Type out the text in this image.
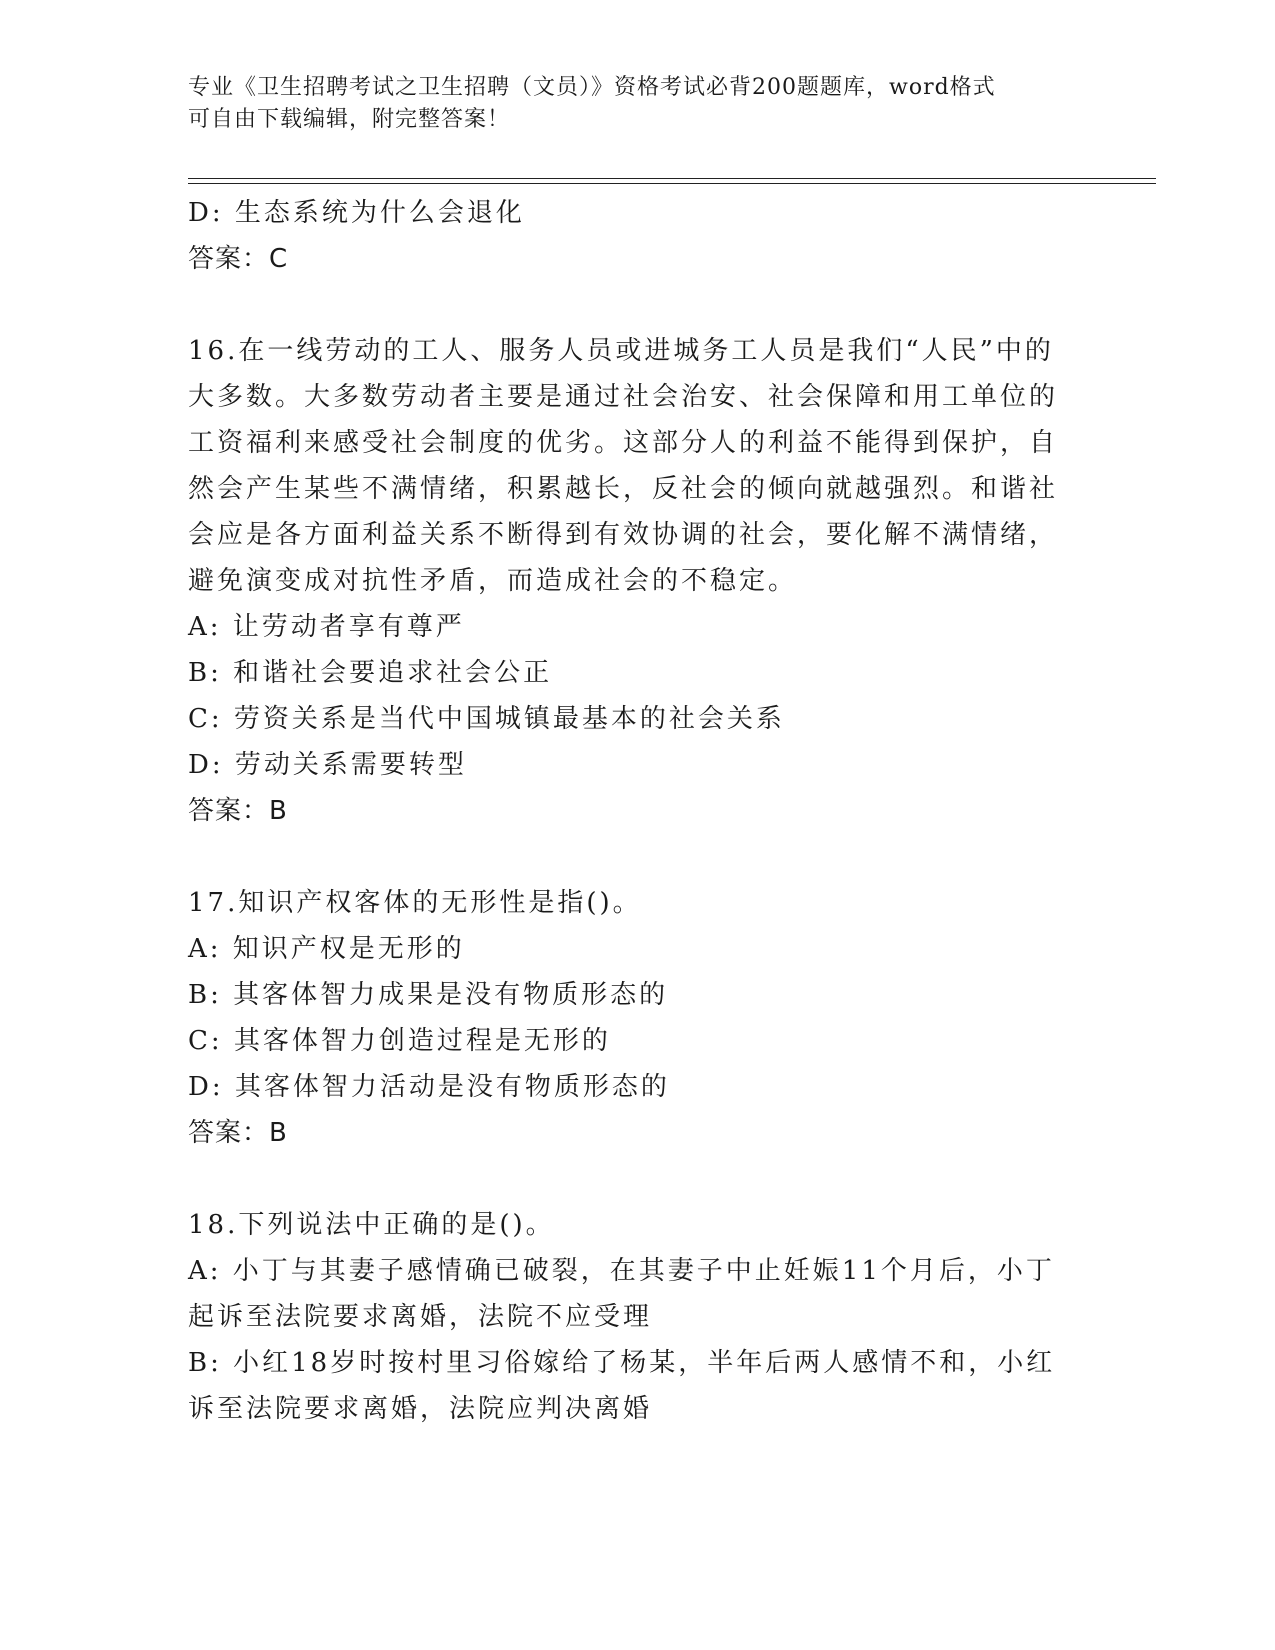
专业《卫生招聘考试之卫生招聘（文员）》资格考试必背200题题库，word格式
可自由下载编辑，附完整答案！
D: 生态系统为什么会退化
答案：C
16.在一线劳动的工人、服务人员或进城务工人员是我们“人民”中的
大多数。大多数劳动者主要是通过社会治安、社会保障和用工单位的
工资福利来感受社会制度的优劣。这部分人的利益不能得到保护，自
然会产生某些不满情绪，积累越长，反社会的倾向就越强烈。和谐社
会应是各方面利益关系不断得到有效协调的社会，要化解不满情绪，
避免演变成对抗性矛盾，而造成社会的不稳定。
A: 让劳动者享有尊严
B: 和谐社会要追求社会公正
C: 劳资关系是当代中国城镇最基本的社会关系
D: 劳动关系需要转型
答案：B
17.知识产权客体的无形性是指()。
A: 知识产权是无形的
B: 其客体智力成果是没有物质形态的
C: 其客体智力创造过程是无形的
D: 其客体智力活动是没有物质形态的
答案：B
18.下列说法中正确的是()。
A: 小丁与其妻子感情确已破裂，在其妻子中止妊娠11个月后，小丁
起诉至法院要求离婚，法院不应受理
B: 小红18岁时按村里习俗嫁给了杨某，半年后两人感情不和，小红
诉至法院要求离婚，法院应判决离婚
